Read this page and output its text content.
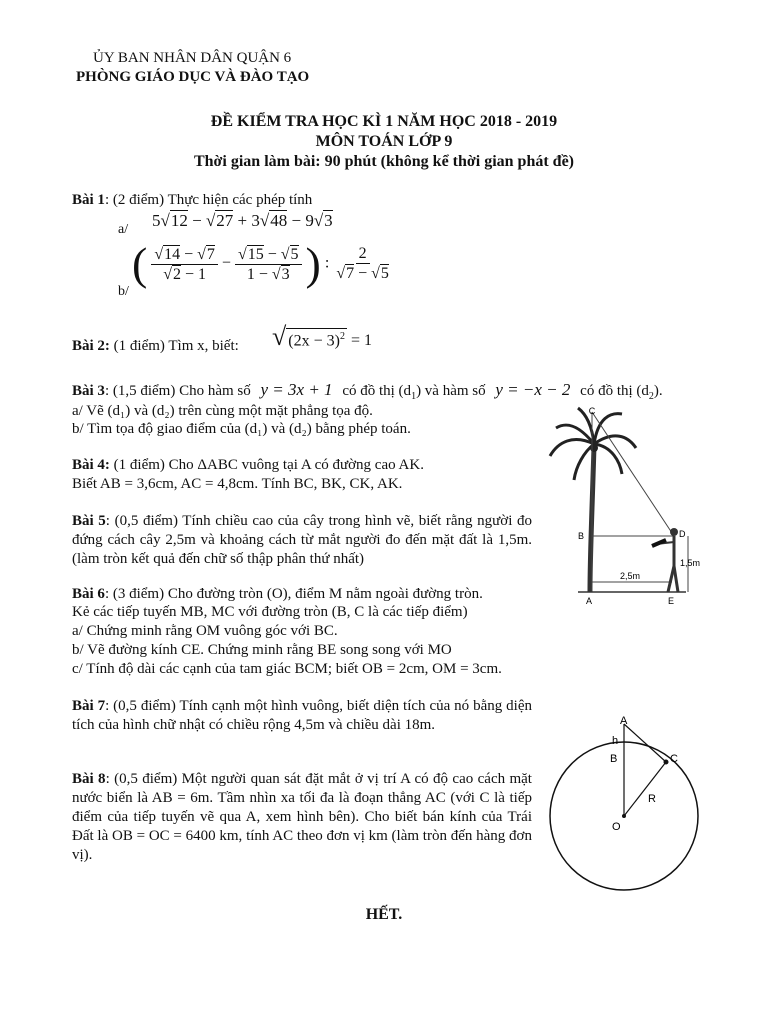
ỦY BAN NHÂN DÂN QUẬN 6
PHÒNG GIÁO DỤC VÀ ĐÀO TẠO
ĐỀ KIỂM TRA HỌC KÌ 1 NĂM HỌC 2018 - 2019
MÔN TOÁN LỚP 9
Thời gian làm bài: 90 phút (không kể thời gian phát đề)
Bài 1: (2 điểm) Thực hiện các phép tính
a/ 5√12 − √27 + 3√48 − 9√3
b/
( $\frac{√14 - √7}{√2 - 1} - \frac{√15 - √5}{1 - √3}$ ) : $\frac{2}{√7 - √5}$
Bài 2: (1 điểm) Tìm x, biết: √ $(2x - 3)^2 = 1$
Bài 3: (1,5 điểm) Cho hàm số y = 3x + 1 có đồ thị $(d_1)$ và hàm số y = −x − 2 có đồ thị $(d_2)$.
a/ Vẽ (d₁) và (d₂) trên cùng một mặt phẳng tọa độ.
b/ Tìm tọa độ giao điểm của (d₁) và (d₂) bằng phép toán.
Bài 4: (1 điểm) Cho ΔABC vuông tại A có đường cao AK.
Biết AB = 3,6cm, AC = 4,8cm. Tính BC, BK, CK, AK.
Bài 5: (0,5 điểm) Tính chiều cao của cây trong hình vẽ, biết rằng người đo đứng cách cây 2,5m và khoảng cách từ mắt người đo đến mặt đất là 1,5m. (làm tròn kết quả đến chữ số thập phân thứ nhất)
Bài 6: (3 điểm) Cho đường tròn (O), điểm M nằm ngoài đường tròn.
Kẻ các tiếp tuyến MB, MC với đường tròn (B, C là các tiếp điểm)
a/ Chứng minh rằng OM vuông góc với BC.
b/ Vẽ đường kính CE. Chứng minh rằng BE song song với MO
c/ Tính độ dài các cạnh của tam giác BCM; biết OB = 2cm, OM = 3cm.
Bài 7: (0,5 điểm) Tính cạnh một hình vuông, biết diện tích của nó bằng diện tích của hình chữ nhật có chiều rộng 4,5m và chiều dài 18m.
Bài 8: (0,5 điểm) Một người quan sát đặt mắt ở vị trí A có độ cao cách mặt nước biển là AB = 6m. Tầm nhìn xa tối đa là đoạn thẳng AC (với C là tiếp điểm của tiếp tuyến vẽ qua A, xem hình bên). Cho biết bán kính của Trái Đất là OB = OC = 6400 km, tính AC theo đơn vị km (làm tròn đến hàng đơn vị).
C
B	D
A	E
2,5m
1,5m
A
h
B	C
R
O
HẾT.
